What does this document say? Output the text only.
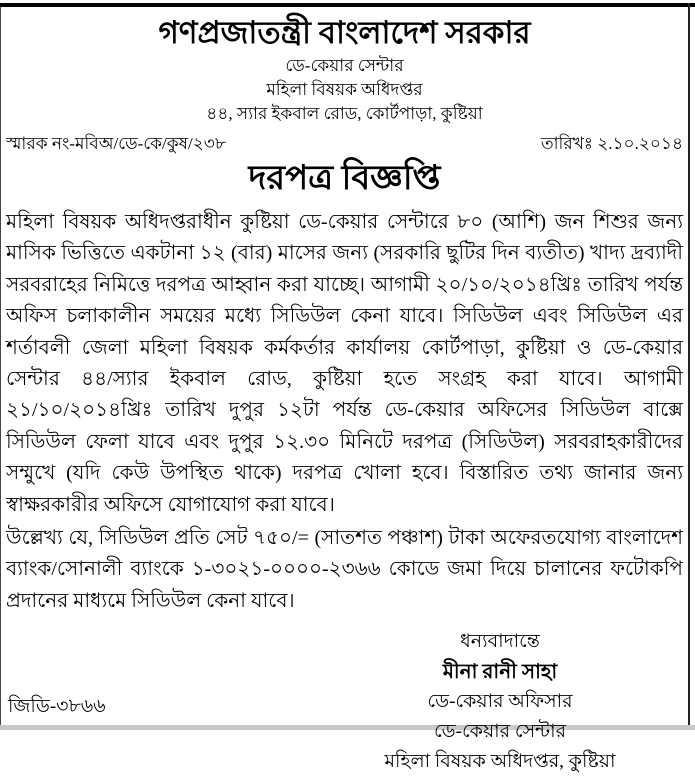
গণপ্রজাতন্ত্রী বাংলাদেশ সরকার
ডে-কেয়ার সেন্টার
মহিলা বিষয়ক অধিদপ্তর
৪৪, স্যার ইকবাল রোড, কোর্টপাড়া, কুষ্টিয়া
স্মারক নং-মবিঅ/ডে-কে/কুষ/২৩৮	তারিখঃ ২.১০.২০১৪
দরপত্র বিজ্ঞপ্তি
মহিলা বিষয়ক অধিদপ্তরাধীন কুষ্টিয়া ডে-কেয়ার সেন্টারে ৮০ (আশি) জন শিশুর জন্য মাসিক ভিত্তিতে একটানা ১২ (বার) মাসের জন্য (সরকারি ছুটির দিন ব্যতীত) খাদ্য দ্রব্যাদী সরবরাহের নিমিত্তে দরপত্র আহ্বান করা যাচ্ছে। আগামী ২০/১০/২০১৪খ্রিঃ তারিখ পর্যন্ত অফিস চলাকালীন সময়ের মধ্যে সিডিউল কেনা যাবে। সিডিউল এবং সিডিউল এর শর্তাবলী জেলা মহিলা বিষয়ক কর্মকর্তার কার্যালয় কোর্টপাড়া, কুষ্টিয়া ও ডে-কেয়ার সেন্টার ৪৪/স্যার ইকবাল রোড, কুষ্টিয়া হতে সংগ্রহ করা যাবে। আগামী ২১/১০/২০১৪খ্রিঃ তারিখ দুপুর ১২টা পর্যন্ত ডে-কেয়ার অফিসের সিডিউল বাক্সে সিডিউল ফেলা যাবে এবং দুপুর ১২.৩০ মিনিটে দরপত্র (সিডিউল) সরবরাহকারীদের সম্মুখে (যদি কেউ উপস্থিত থাকে) দরপত্র খোলা হবে। বিস্তারিত তথ্য জানার জন্য স্বাক্ষরকারীর অফিসে যোগাযোগ করা যাবে।
উল্লেখ্য যে, সিডিউল প্রতি সেট ৭৫০/= (সাতশত পঞ্চাশ) টাকা অফেরতযোগ্য বাংলাদেশ ব্যাংক/সোনালী ব্যাংকে ১-৩০২১-০০০০-২৩৬৬ কোডে জমা দিয়ে চালানের ফটোকপি প্রদানের মাধ্যমে সিডিউল কেনা যাবে।
ধন্যবাদান্তে
মীনা রানী সাহা
ডে-কেয়ার অফিসার
ডে-কেয়ার সেন্টার
মহিলা বিষয়ক অধিদপ্তর, কুষ্টিয়া
জিডি-৩৮৬৬
